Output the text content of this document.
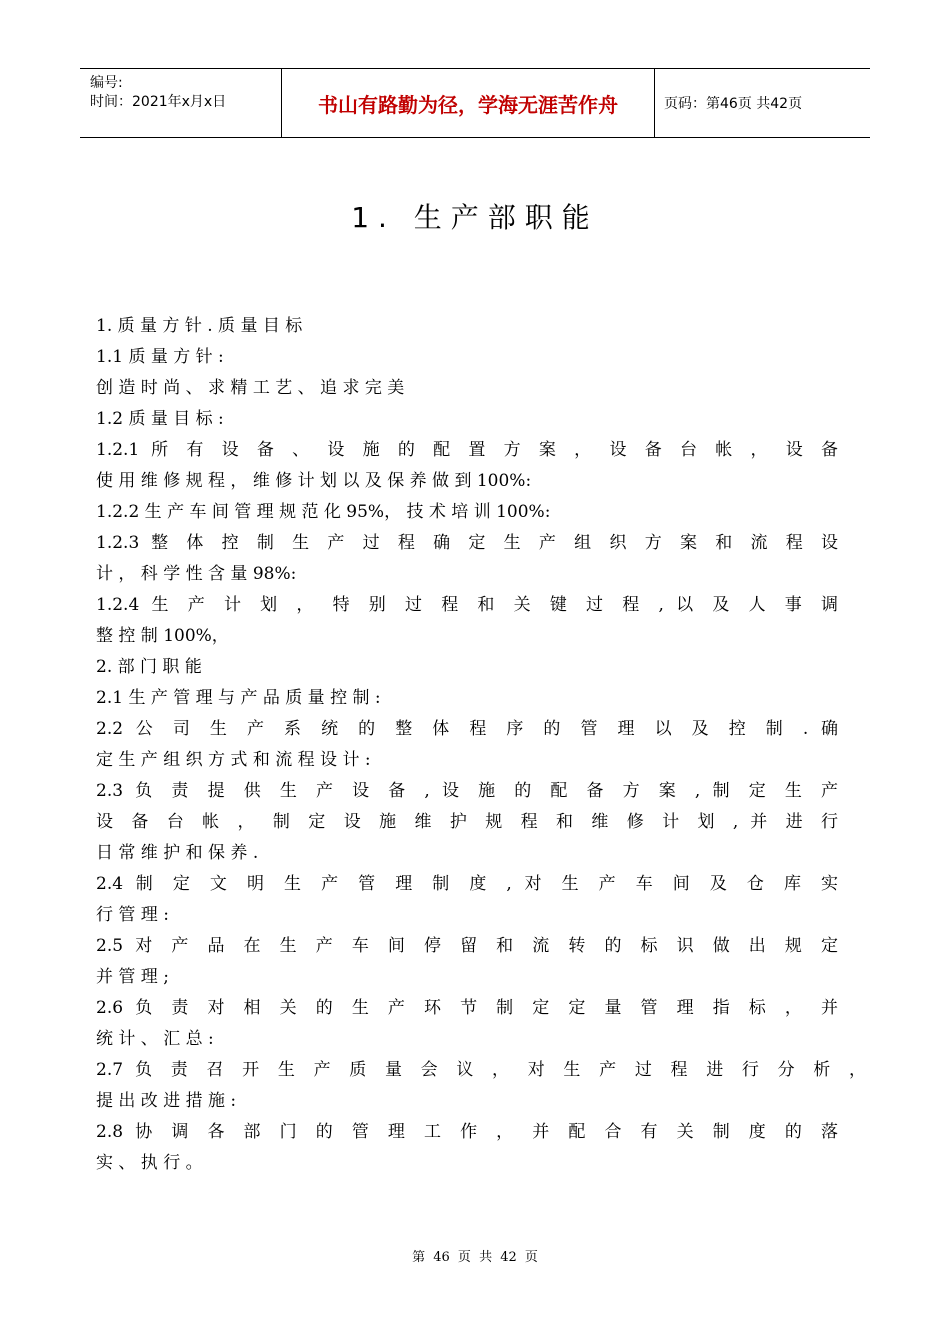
编号:
时间：2021年x月x日	书山有路勤为径，学海无涯苦作舟	页码：第46页 共42页
1. 生产部职能
1. 质 量 方 针 . 质 量 目 标
1.1 质 量 方 针 :
创 造 时 尚 、 求 精 工 艺 、 追 求 完 美
1.2 质 量 目 标 :
1.2.1 所 有 设 备 、 设 施 的 配 置 方 案 ， 设 备 台 帐 ， 设 备
使 用 维 修 规 程 ， 维 修 计 划 以 及 保 养 做 到 100%:
1.2.2 生 产 车 间 管 理 规 范 化 95%， 技 术 培 训 100%:
1.2.3 整 体 控 制 生 产 过 程 确 定 生 产 组 织 方 案 和 流 程 设
计 ， 科 学 性 含 量 98%:
1.2.4 生 产 计 划 ， 特 别 过 程 和 关 键 过 程 , 以 及 人 事 调
整 控 制 100%，
2. 部 门 职 能
2.1 生 产 管 理 与 产 品 质 量 控 制 :
2.2 公 司 生 产 系 统 的 整 体 程 序 的 管 理 以 及 控 制 . 确
定 生 产 组 织 方 式 和 流 程 设 计 :
2.3 负 责 提 供 生 产 设 备 , 设 施 的 配 备 方 案 , 制 定 生 产
设 备 台 帐 ， 制 定 设 施 维 护 规 程 和 维 修 计 划 , 并 进 行
日 常 维 护 和 保 养 .
2.4 制 定 文 明 生 产 管 理 制 度 , 对 生 产 车 间 及 仓 库 实
行 管 理 :
2.5 对 产 品 在 生 产 车 间 停 留 和 流 转 的 标 识 做 出 规 定
并 管 理 ;
2.6 负 责 对 相 关 的 生 产 环 节 制 定 定 量 管 理 指 标 ， 并
统 计 、 汇 总 :
2.7 负 责 召 开 生 产 质 量 会 议 ， 对 生 产 过 程 进 行 分 析 ，
提 出 改 进 措 施 :
2.8 协 调 各 部 门 的 管 理 工 作 ， 并 配 合 有 关 制 度 的 落
实 、 执 行 。
第 46 页 共 42 页
